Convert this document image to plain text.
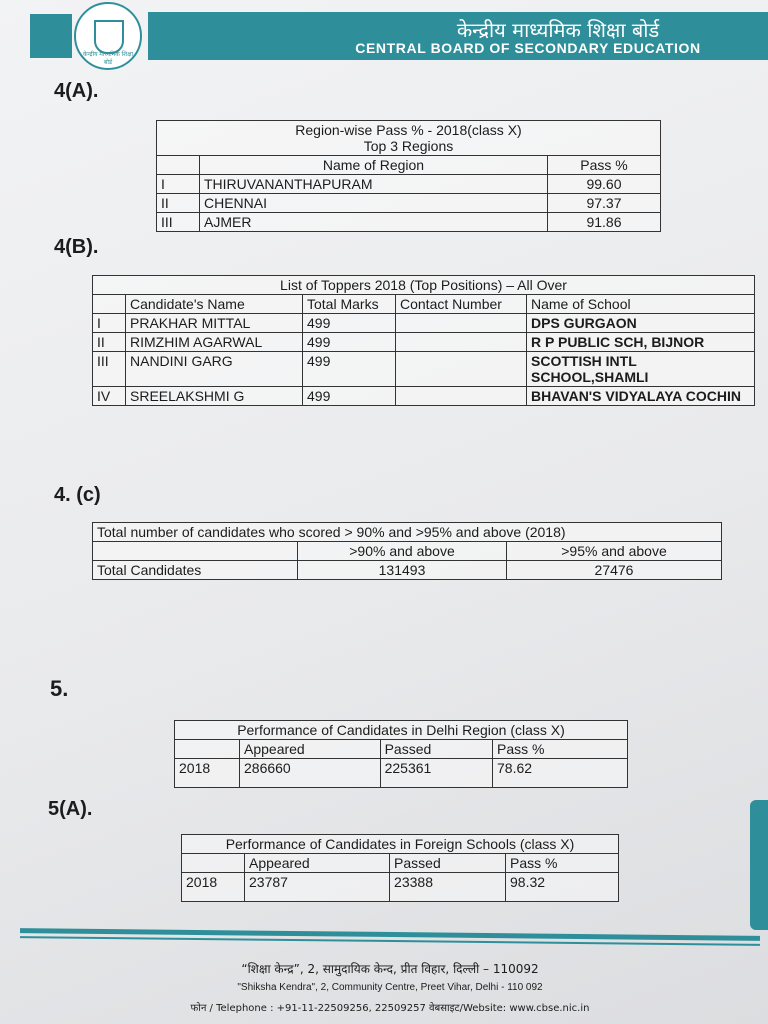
केन्द्रीय माध्यमिक शिक्षा बोर्ड
केन्द्रीय माध्यमिक शिक्षा बोर्ड
CENTRAL BOARD OF SECONDARY EDUCATION
4(A).
Region-wise Pass % - 2018(class X)
Top 3 Regions		

	Name of Region	Pass %
I	THIRUVANANTHAPURAM	99.60
II	CHENNAI	97.37
III	AJMER	91.86
4(B).
List of Toppers 2018 (Top Positions) – All Over				
	Candidate's Name	Total Marks	Contact Number	Name of School
I	PRAKHAR MITTAL	499		DPS GURGAON
II	RIMZHIM AGARWAL	499		R P PUBLIC SCH, BIJNOR
III	NANDINI GARG	499		SCOTTISH INTL SCHOOL,SHAMLI
IV	SREELAKSHMI G	499		BHAVAN'S VIDYALAYA COCHIN
4. (c)
Total number of candidates who scored > 90% and >95% and above (2018)		
	>90% and above	>95% and above
Total Candidates	131493	27476
5.
Performance of Candidates in Delhi Region (class X)			
	Appeared	Passed	Pass %
2018	286660	225361	78.62
5(A).
Performance of Candidates in Foreign Schools (class X)			
	Appeared	Passed	Pass %
2018	23787	23388	98.32
“शिक्षा केन्द्र”, 2, सामुदायिक केन्द, प्रीत विहार, दिल्ली – 110092
"Shiksha Kendra", 2, Community Centre, Preet Vihar, Delhi - 110 092
फोन / Telephone : +91-11-22509256, 22509257 वेबसाइट/Website: www.cbse.nic.in
